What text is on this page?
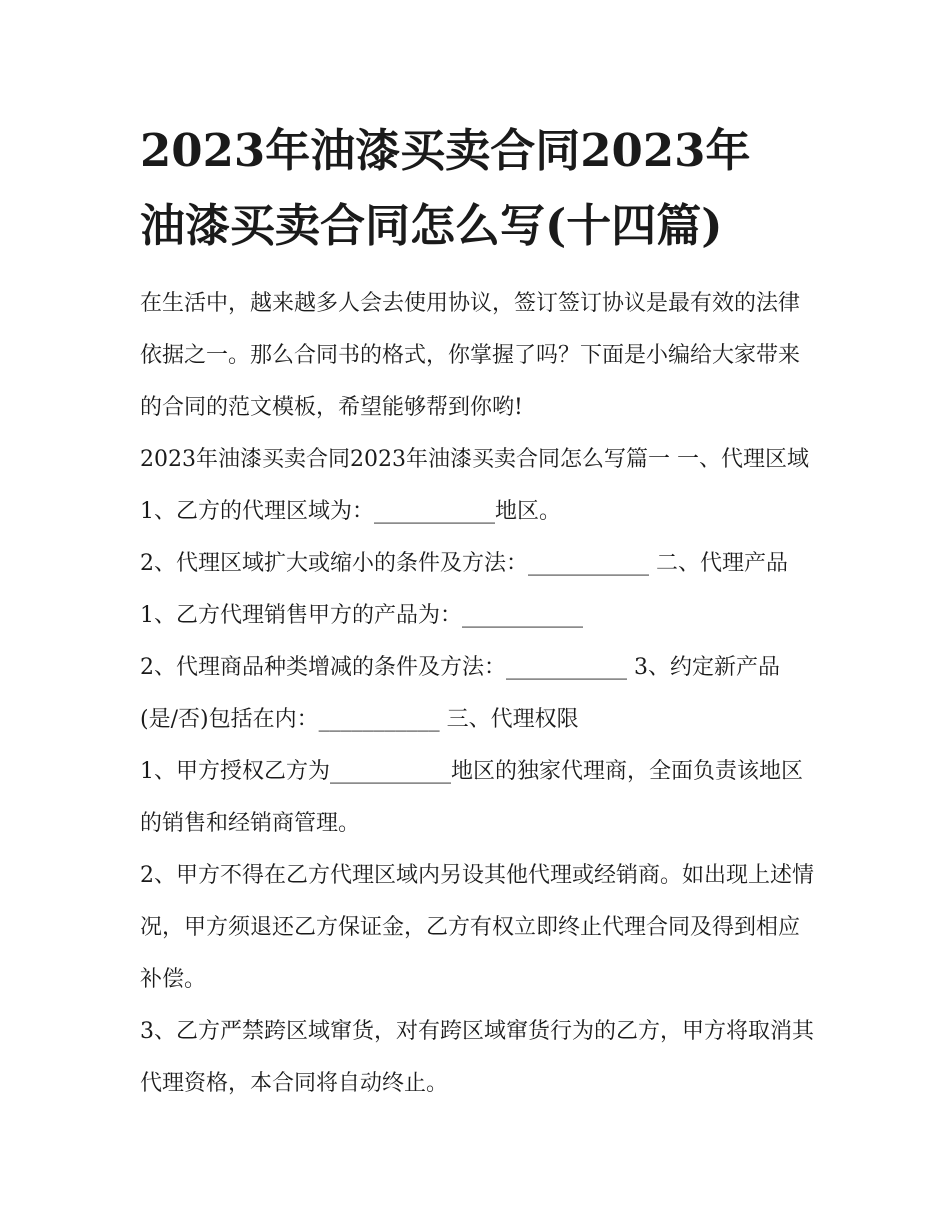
2023年油漆买卖合同2023年
油漆买卖合同怎么写(十四篇)

在生活中，越来越多人会去使用协议，签订签订协议是最有效的法律依据之一。那么合同书的格式，你掌握了吗？下面是小编给大家带来的合同的范文模板，希望能够帮到你哟!

2023年油漆买卖合同2023年油漆买卖合同怎么写篇一 一、代理区域 1、乙方的代理区域为：___________地区。

2、代理区域扩大或缩小的条件及方法：___________ 二、代理产品 1、乙方代理销售甲方的产品为：___________

2、代理商品种类增减的条件及方法：___________ 3、约定新产品(是/否)包括在内：___________ 三、代理权限

1、甲方授权乙方为___________地区的独家代理商，全面负责该地区的销售和经销商管理。

2、甲方不得在乙方代理区域内另设其他代理或经销商。如出现上述情况，甲方须退还乙方保证金，乙方有权立即终止代理合同及得到相应补偿。

3、乙方严禁跨区域窜货，对有跨区域窜货行为的乙方，甲方将取消其代理资格，本合同将自动终止。
